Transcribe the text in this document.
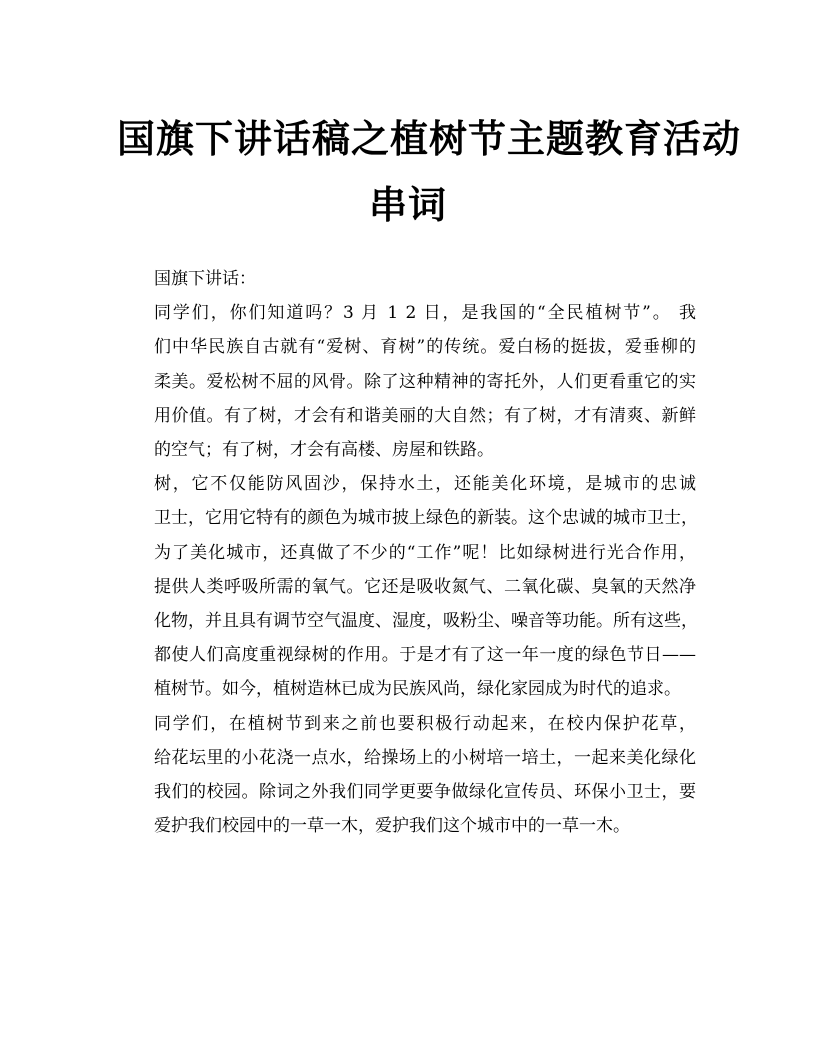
国旗下讲话稿之植树节主题教育活动
串词

国旗下讲话：

同学们，你们知道吗？3 月 1 2 日，是我国的“全民植树节”。 我
们中华民族自古就有“爱树、育树”的传统。爱白杨的挺拔，爱垂柳的
柔美。爱松树不屈的风骨。除了这种精神的寄托外，人们更看重它的实
用价值。有了树，才会有和谐美丽的大自然；有了树，才有清爽、新鲜
的空气；有了树，才会有高楼、房屋和铁路。

树，它不仅能防风固沙，保持水土，还能美化环境，是城市的忠诚
卫士，它用它特有的颜色为城市披上绿色的新装。这个忠诚的城市卫士，
为了美化城市，还真做了不少的“工作”呢！比如绿树进行光合作用，
提供人类呼吸所需的氧气。它还是吸收氮气、二氧化碳、臭氧的天然净
化物，并且具有调节空气温度、湿度，吸粉尘、噪音等功能。所有这些，
都使人们高度重视绿树的作用。于是才有了这一年一度的绿色节日——
植树节。如今，植树造林已成为民族风尚，绿化家园成为时代的追求。

同学们，在植树节到来之前也要积极行动起来，在校内保护花草，
给花坛里的小花浇一点水，给操场上的小树培一培土，一起来美化绿化
我们的校园。除词之外我们同学更要争做绿化宣传员、环保小卫士，要
爱护我们校园中的一草一木，爱护我们这个城市中的一草一木。
